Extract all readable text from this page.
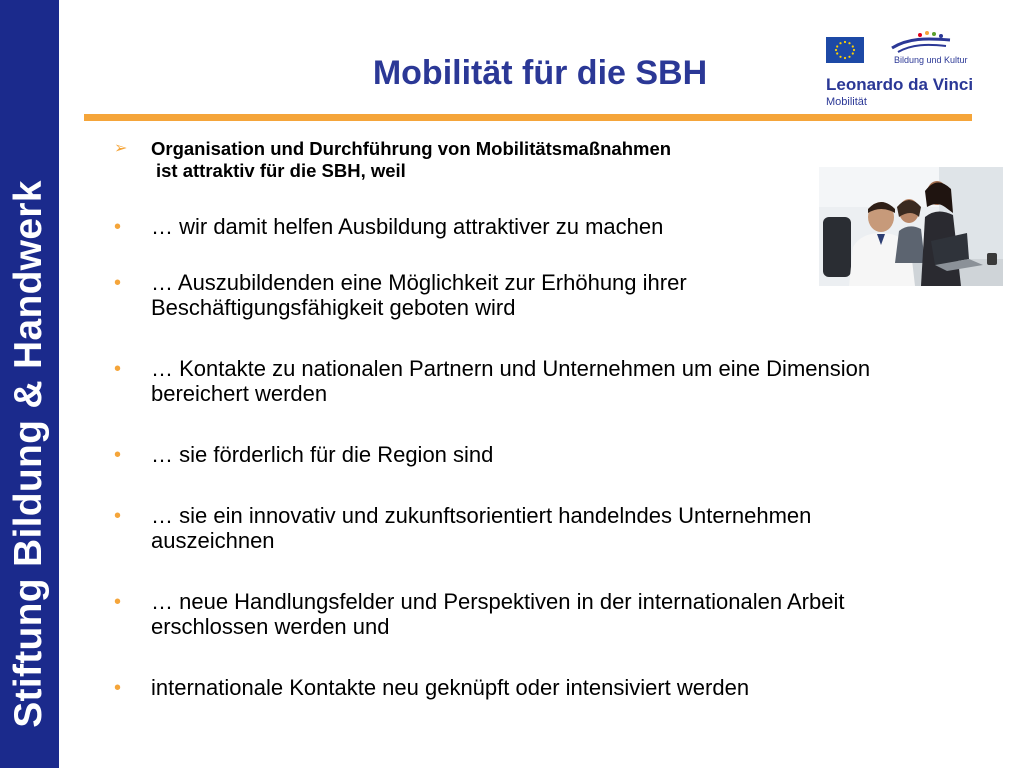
Stiftung Bildung & Handwerk
Mobilität für die SBH	Bildung und Kultur
Leonardo da Vinci
Mobilität
➢ Organisation und Durchführung von Mobilitätsmaßnahmen
ist attraktiv für die SBH, weil
• … wir damit helfen Ausbildung attraktiver zu machen
• … Auszubildenden eine Möglichkeit zur Erhöhung ihrer
Beschäftigungsfähigkeit geboten wird
• … Kontakte zu nationalen Partnern und Unternehmen um eine Dimension
bereichert werden
• … sie förderlich für die Region sind
• … sie ein innovativ und zukunftsorientiert handelndes Unternehmen
auszeichnen
• … neue Handlungsfelder und Perspektiven in der internationalen Arbeit
erschlossen werden und
• internationale Kontakte neu geknüpft oder intensiviert werden
